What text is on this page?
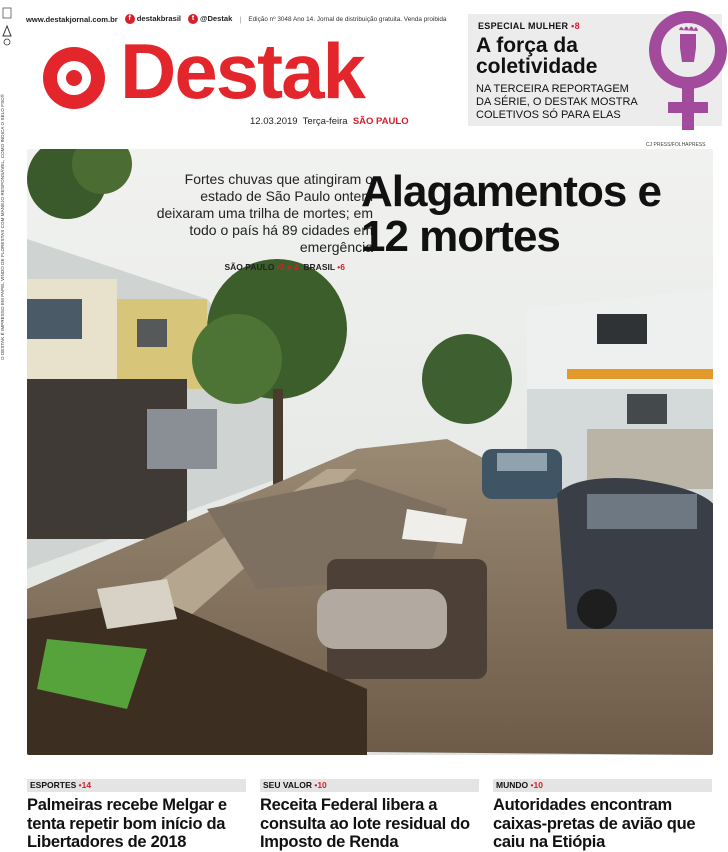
O DESTAK É IMPRESSO EM PAPEL VINDO DE FLORESTAS COM MANEJO RESPONSÁVEL, COMO INDICA O SELO FSC®
www.destakjornal.com.br	f destakbrasil	t @Destak | Edição nº 3048 Ano 14. Jornal de distribuição gratuita. Venda proibida
Destak
12.03.2019 Terça-feira SÃO PAULO
ESPECIAL MULHER •8
A força da coletividade
NA TERCEIRA REPORTAGEM DA SÉRIE, O DESTAK MOSTRA COLETIVOS SÓ PARA ELAS
CJ PRESS/FOLHAPRESS
Fortes chuvas que atingiram o estado de São Paulo ontem deixaram uma trilha de mortes; em todo o país há 89 cidades em emergência
SÃO PAULO •3 e 4 BRASIL •6
Alagamentos e 12 mortes
ESPORTES •14
Palmeiras recebe Melgar e tenta repetir bom início da Libertadores de 2018
SEU VALOR •10
Receita Federal libera a consulta ao lote residual do Imposto de Renda
MUNDO •10
Autoridades encontram caixas-pretas de avião que caiu na Etiópia
